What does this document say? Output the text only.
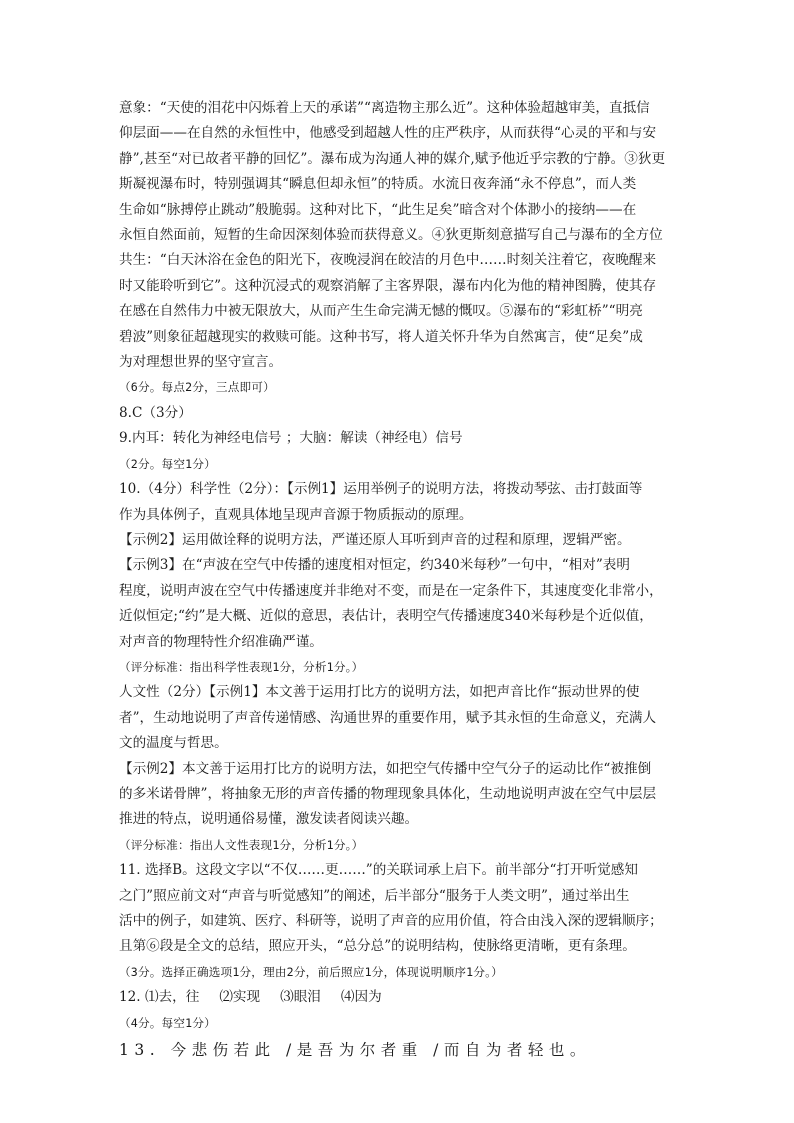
意象：“天使的泪花中闪烁着上天的承诺”“离造物主那么近”。这种体验超越审美，直抵信
仰层面——在自然的永恒性中，他感受到超越人性的庄严秩序，从而获得“心灵的平和与安
静”,甚至“对已故者平静的回忆”。瀑布成为沟通人神的媒介,赋予他近乎宗教的宁静。③狄更
斯凝视瀑布时，特别强调其“瞬息但却永恒”的特质。水流日夜奔涌“永不停息”，而人类
生命如“脉搏停止跳动”般脆弱。这种对比下，“此生足矣”暗含对个体渺小的接纳——在
永恒自然面前，短暂的生命因深刻体验而获得意义。④狄更斯刻意描写自己与瀑布的全方位
共生：“白天沐浴在金色的阳光下，夜晚浸润在皎洁的月色中……时刻关注着它，夜晚醒来
时又能聆听到它”。这种沉浸式的观察消解了主客界限，瀑布内化为他的精神图腾，使其存
在感在自然伟力中被无限放大，从而产生生命完满无憾的慨叹。⑤瀑布的“彩虹桥”“明亮
碧波”则象征超越现实的救赎可能。这种书写，将人道关怀升华为自然寓言，使“足矣”成
为对理想世界的坚守宣言。
（6分。每点2分，三点即可）
8.C（3分）
9.内耳：转化为神经电信号 ；大脑：解读（神经电）信号
（2分。每空1分）
10.（4分）科学性（2分）：【示例1】运用举例子的说明方法，将拨动琴弦、击打鼓面等
作为具体例子，直观具体地呈现声音源于物质振动的原理。
【示例2】运用做诠释的说明方法，严谨还原人耳听到声音的过程和原理，逻辑严密。
【示例3】在“声波在空气中传播的速度相对恒定，约340米每秒”一句中，“相对”表明
程度，说明声波在空气中传播速度并非绝对不变，而是在一定条件下，其速度变化非常小，
近似恒定;“约”是大概、近似的意思，表估计，表明空气传播速度340米每秒是个近似值，
对声音的物理特性介绍准确严谨。
（评分标准：指出科学性表现1分，分析1分。）
人文性（2分）【示例1】本文善于运用打比方的说明方法，如把声音比作“振动世界的使
者”，生动地说明了声音传递情感、沟通世界的重要作用，赋予其永恒的生命意义，充满人
文的温度与哲思。
【示例2】本文善于运用打比方的说明方法，如把空气传播中空气分子的运动比作“被推倒
的多米诺骨牌”，将抽象无形的声音传播的物理现象具体化，生动地说明声波在空气中层层
推进的特点，说明通俗易懂，激发读者阅读兴趣。
（评分标准：指出人文性表现1分，分析1分。）
11. 选择B。这段文字以“不仅……更……”的关联词承上启下。前半部分“打开听觉感知
之门”照应前文对“声音与听觉感知”的阐述，后半部分“服务于人类文明”，通过举出生
活中的例子，如建筑、医疗、科研等，说明了声音的应用价值，符合由浅入深的逻辑顺序；
且第⑥段是全文的总结，照应开头，“总分总”的说明结构，使脉络更清晰，更有条理。
（3分。选择正确选项1分，理由2分，前后照应1分，体现说明顺序1分。）
12. ⑴去，往 ⑵实现 ⑶眼泪 ⑷因为
（4分。每空1分）
13. 今悲伤若此 /是吾为尔者重 /而自为者轻也。
